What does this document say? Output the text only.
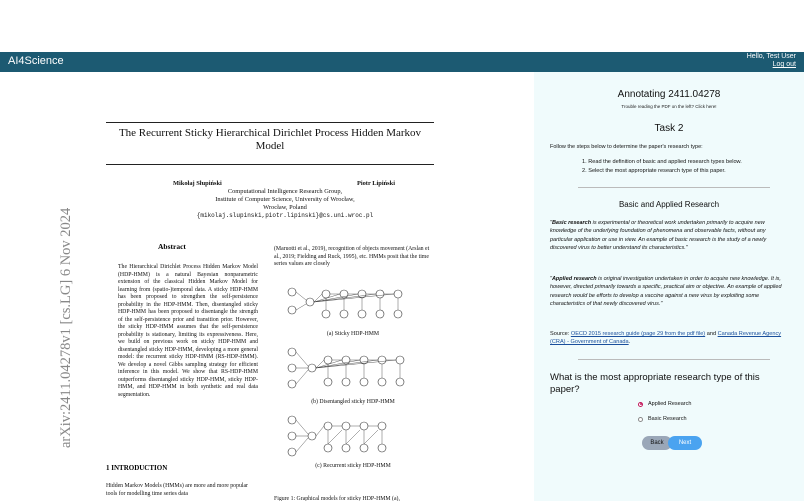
AI4Science	Hello, Test User
Log out
The Recurrent Sticky Hierarchical Dirichlet Process Hidden Markov Model
Mikołaj Słupiński	Piotr Lipiński
Computational Intelligence Research Group,
Institute of Computer Science, University of Wrocław,
Wrocław, Poland
{mikolaj.slupinski,piotr.lipinski}@cs.uni.wroc.pl
arXiv:2411.04278v1 [cs.LG] 6 Nov 2024	Abstract
The Hierarchical Dirichlet Process Hidden Markov Model (HDP-HMM) is a natural Bayesian nonparametric extension of the classical Hidden Markov Model for learning from (spatio-)temporal data. A sticky HDP-HMM has been proposed to strengthen the self-persistence probability in the HDP-HMM. Then, disentangled sticky HDP-HMM has been proposed to disentangle the strength of the self-persistence prior and transition prior. However, the sticky HDP-HMM assumes that the self-persistence probability is stationary, limiting its expressiveness. Here, we build on previous work on sticky HDP-HMM and disentangled sticky HDP-HMM, developing a more general model: the recurrent sticky HDP-HMM (RS-HDP-HMM). We develop a novel Gibbs sampling strategy for efficient inference in this model. We show that RS-HDP-HMM outperforms disentangled sticky HDP-HMM, sticky HDP-HMM, and HDP-HMM in both synthetic and real data segmentation.
(Maruotti et al., 2019), recognition of objects movement (Arslan et al., 2019; Fielding and Ruck, 1995), etc. HMMs posit that the time series values are closely
(a) Sticky HDP-HMM
(b) Disentangled sticky HDP-HMM
(c) Recurrent sticky HDP-HMM
1 INTRODUCTION
Hidden Markov Models (HMMs) are more and more popular tools for modelling time series data
Figure 1: Graphical models for sticky HDP-HMM (a),
Annotating 2411.04278
Trouble reading the PDF on the left? Click here!
Task 2
Follow the steps below to determine the paper's research type:
1. Read the definition of basic and applied research types below.
2. Select the most appropriate research type of this paper.
Basic and Applied Research
"Basic research is experimental or theoretical work undertaken primarily to acquire new knowledge of the underlying foundation of phenomena and observable facts, without any particular application or use in view. An example of basic research is the study of a newly discovered virus to better understand its characteristics."
"Applied research is original investigation undertaken in order to acquire new knowledge. It is, however, directed primarily towards a specific, practical aim or objective. An example of applied research would be efforts to develop a vaccine against a new virus by exploiting some characteristics of that newly discovered virus."
Source: OECD 2015 research guide (page 29 from the pdf file) and Canada Revenue Agency (CRA) - Government of Canada.
What is the most appropriate research type of this paper?
Applied Research
Basic Research
Back	Next
